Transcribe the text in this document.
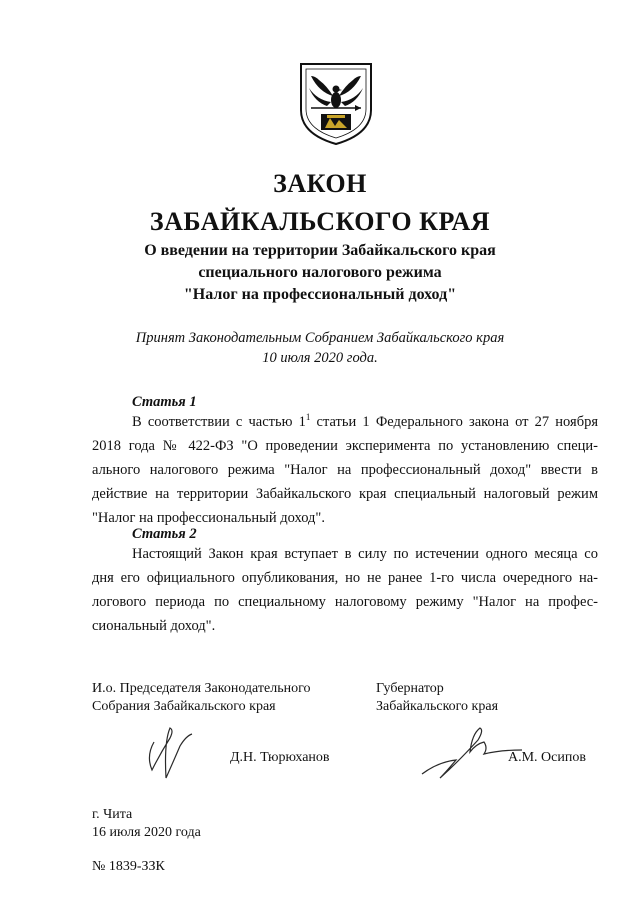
ЗАКОН
ЗАБАЙКАЛЬСКОГО КРАЯ
О введении на территории Забайкальского края
специального налогового режима
"Налог на профессиональный доход"
Принят Законодательным Собранием Забайкальского края
10 июля 2020 года.
Статья 1
В соответствии с частью $1^1$ статьи 1 Федерального закона от 27 ноября
2018 года № 422-ФЗ "О проведении эксперимента по установлению специ-
ального налогового режима "Налог на профессиональный доход" ввести в
действие на территории Забайкальского края специальный налоговый режим
"Налог на профессиональный доход".
Статья 2
Настоящий Закон края вступает в силу по истечении одного месяца со
дня его официального опубликования, но не ранее 1-го числа очередного на-
логового периода по специальному налоговому режиму "Налог на профес-
сиональный доход".
И.о. Председателя Законодательного
Собрания Забайкальского края
Губернатор
Забайкальского края
Д.Н. Тюрюханов	А.М. Осипов
г. Чита
16 июля 2020 года
№ 1839-ЗЗК
